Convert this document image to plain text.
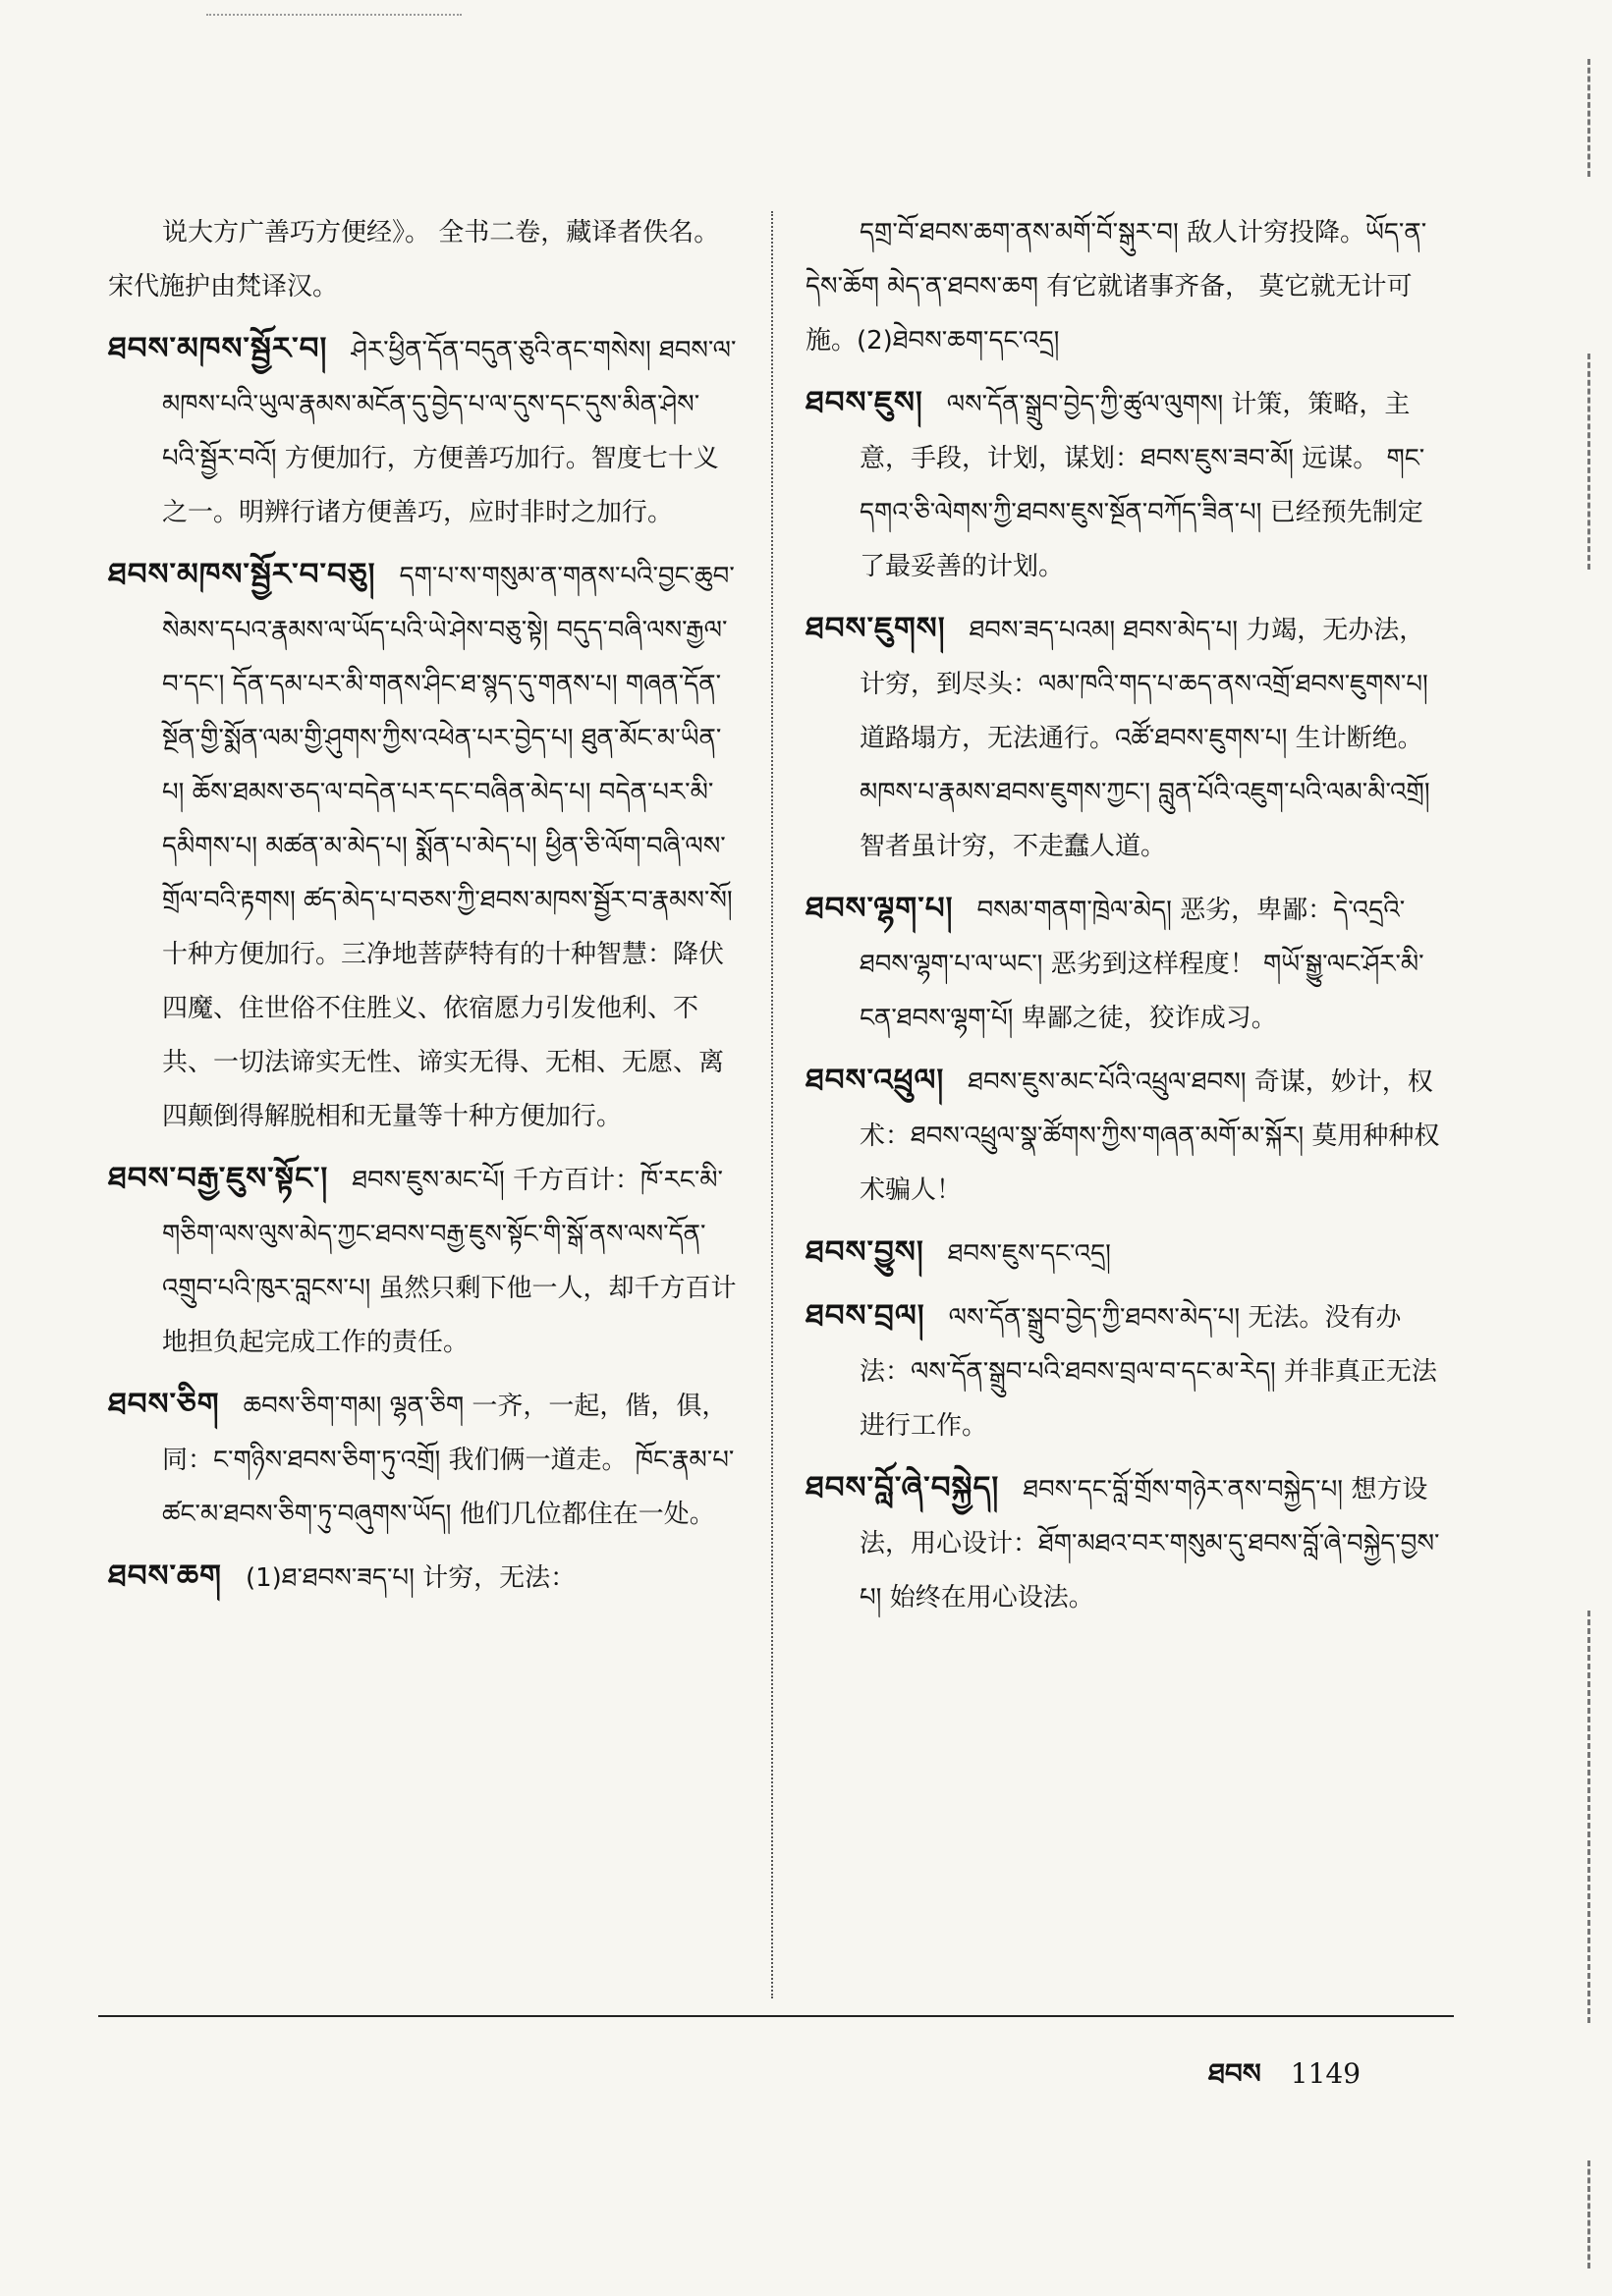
说大方广善巧方便经》。 全书二卷，藏译者佚名。宋代施护由梵译汉。

ཐབས་མཁས་སྦྱོར་བ། ཤེར་ཕྱིན་དོན་བདུན་ཅུའི་ནང་གསེས། ཐབས་ལ་མཁས་པའི་ཡུལ་རྣམས་མངོན་དུ་བྱེད་པ་ལ་དུས་དང་དུས་མིན་ཤེས་པའི་སྦྱོར་བའོ། 方便加行，方便善巧加行。智度七十义之一。明辨行诸方便善巧，应时非时之加行。

ཐབས་མཁས་སྦྱོར་བ་བཅུ། དག་པ་ས་གསུམ་ན་གནས་པའི་བྱང་ཆུབ་སེམས་དཔའ་རྣམས་ལ་ཡོད་པའི་ཡེ་ཤེས་བཅུ་སྟེ། བདུད་བཞི་ལས་རྒྱལ་བ་དང་། དོན་དམ་པར་མི་གནས་ཤིང་ཐ་སྙད་དུ་གནས་པ། གཞན་དོན་སྔོན་གྱི་སྨོན་ལམ་གྱི་ཤུགས་ཀྱིས་འཕེན་པར་བྱེད་པ། ཐུན་མོང་མ་ཡིན་པ། ཆོས་ཐམས་ཅད་ལ་བདེན་པར་དང་བཞིན་མེད་པ། བདེན་པར་མི་དམིགས་པ། མཚན་མ་མེད་པ། སྨོན་པ་མེད་པ། ཕྱིན་ཅི་ལོག་བཞི་ལས་གྲོལ་བའི་རྟགས། ཚད་མེད་པ་བཅས་ཀྱི་ཐབས་མཁས་སྦྱོར་བ་རྣམས་སོ། 十种方便加行。三净地菩萨特有的十种智慧：降伏四魔、住世俗不住胜义、依宿愿力引发他利、不共、一切法谛实无性、谛实无得、无相、无愿、离四颠倒得解脱相和无量等十种方便加行。

ཐབས་བརྒྱ་ཇུས་སྟོང་། ཐབས་ཇུས་མང་པོ། 千方百计：ཁོ་རང་མི་གཅིག་ལས་ལུས་མེད་ཀྱང་ཐབས་བརྒྱ་ཇུས་སྟོང་གི་སྒོ་ནས་ལས་དོན་འགྲུབ་པའི་ཁུར་བླངས་པ། 虽然只剩下他一人，却千方百计地担负起完成工作的责任。

ཐབས་ཅིག ཆབས་ཅིག་གམ། ལྷན་ཅིག 一齐，一起，偕，俱，同：ང་གཉིས་ཐབས་ཅིག་ཏུ་འགྲོ། 我们俩一道走。 ཁོང་རྣམ་པ་ཚང་མ་ཐབས་ཅིག་ཏུ་བཞུགས་ཡོད། 他们几位都住在一处。

ཐབས་ཆག (1)ཐ་ཐབས་ཟད་པ། 计穷，无法：

དགྲ་བོ་ཐབས་ཆག་ནས་མགོ་བོ་སྒུར་བ། 敌人计穷投降。ཡོད་ན་དེས་ཆོག མེད་ན་ཐབས་ཆག 有它就诸事齐备， 莫它就无计可施。(2)ཐེབས་ཆག་དང་འདྲ།

ཐབས་ཇུས། ལས་དོན་སྒྲུབ་བྱེད་ཀྱི་ཚུལ་ལུགས། 计策，策略，主意，手段，计划，谋划：ཐབས་ཇུས་ཟབ་མོ། 远谋。 གང་དགའ་ཅི་ལེགས་ཀྱི་ཐབས་ཇུས་སྔོན་བཀོད་ཟིན་པ། 已经预先制定了最妥善的计划。

ཐབས་ཇུགས། ཐབས་ཟད་པའམ། ཐབས་མེད་པ། 力竭，无办法，计穷，到尽头：ལམ་ཁའི་གད་པ་ཆད་ནས་འགྲོ་ཐབས་ཇུགས་པ། 道路塌方，无法通行。འཚོ་ཐབས་ཇུགས་པ། 生计断绝。མཁས་པ་རྣམས་ཐབས་ཇུགས་ཀྱང་། བླུན་པོའི་འཇུག་པའི་ལམ་མི་འགྲོ། 智者虽计穷，不走蠢人道。

ཐབས་ལྷག་པ། བསམ་གནག་ཁྲེལ་མེད། 恶劣，卑鄙：དེ་འདྲའི་ཐབས་ལྷག་པ་ལ་ཡང་། 恶劣到这样程度！ གཡོ་སྒྱུ་ལང་ཤོར་མི་ངན་ཐབས་ལྷག་པོ། 卑鄙之徒，狡诈成习。

ཐབས་འཕྲུལ། ཐབས་ཇུས་མང་པོའི་འཕྲུལ་ཐབས། 奇谋，妙计，权术：ཐབས་འཕྲུལ་སྣ་ཚོགས་ཀྱིས་གཞན་མགོ་མ་སྐོར། 莫用种种权术骗人！

ཐབས་བྱུས། ཐབས་ཇུས་དང་འདྲ།

ཐབས་བྲལ། ལས་དོན་སྒྲུབ་བྱེད་ཀྱི་ཐབས་མེད་པ། 无法。没有办法：ལས་དོན་སྒྲུབ་པའི་ཐབས་བྲལ་བ་དང་མ་རེད། 并非真正无法进行工作。

ཐབས་བློ་ཞེ་བསྐྱེད། ཐབས་དང་བློ་གྲོས་གཉེར་ནས་བསྐྱེད་པ། 想方设法，用心设计：ཐོག་མཐའ་བར་གསུམ་དུ་ཐབས་བློ་ཞེ་བསྐྱེད་བྱས་པ། 始终在用心设法。

ཐབས 1149
